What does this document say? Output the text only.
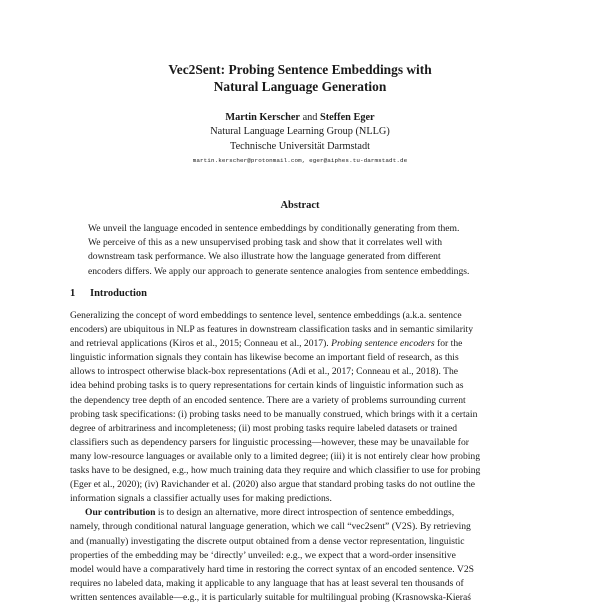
Vec2Sent: Probing Sentence Embeddings with
Natural Language Generation
Martin Kerscher and Steffen Eger
Natural Language Learning Group (NLLG)
Technische Universität Darmstadt
martin.kerscher@protonmail.com, eger@aiphes.tu-darmstadt.de
Abstract
We unveil the language encoded in sentence embeddings by conditionally generating from them.
We perceive of this as a new unsupervised probing task and show that it correlates well with
downstream task performance. We also illustrate how the language generated from different
encoders differs. We apply our approach to generate sentence analogies from sentence embeddings.
1 Introduction
Generalizing the concept of word embeddings to sentence level, sentence embeddings (a.k.a. sentence
encoders) are ubiquitous in NLP as features in downstream classification tasks and in semantic similarity
and retrieval applications (Kiros et al., 2015; Conneau et al., 2017). Probing sentence encoders for the
linguistic information signals they contain has likewise become an important field of research, as this
allows to introspect otherwise black-box representations (Adi et al., 2017; Conneau et al., 2018). The
idea behind probing tasks is to query representations for certain kinds of linguistic information such as
the dependency tree depth of an encoded sentence. There are a variety of problems surrounding current
probing task specifications: (i) probing tasks need to be manually construed, which brings with it a certain
degree of arbitrariness and incompleteness; (ii) most probing tasks require labeled datasets or trained
classifiers such as dependency parsers for linguistic processing—however, these may be unavailable for
many low-resource languages or available only to a limited degree; (iii) it is not entirely clear how probing
tasks have to be designed, e.g., how much training data they require and which classifier to use for probing
(Eger et al., 2020); (iv) Ravichander et al. (2020) also argue that standard probing tasks do not outline the
information signals a classifier actually uses for making predictions.
Our contribution is to design an alternative, more direct introspection of sentence embeddings,
namely, through conditional natural language generation, which we call “vec2sent” (V2S). By retrieving
and (manually) investigating the discrete output obtained from a dense vector representation, linguistic
properties of the embedding may be ‘directly’ unveiled: e.g., we expect that a word-order insensitive
model would have a comparatively hard time in restoring the correct syntax of an encoded sentence. V2S
requires no labeled data, making it applicable to any language that has at least several ten thousands of
written sentences available—e.g., it is particularly suitable for multilingual probing (Krasnowska-Kieraś
